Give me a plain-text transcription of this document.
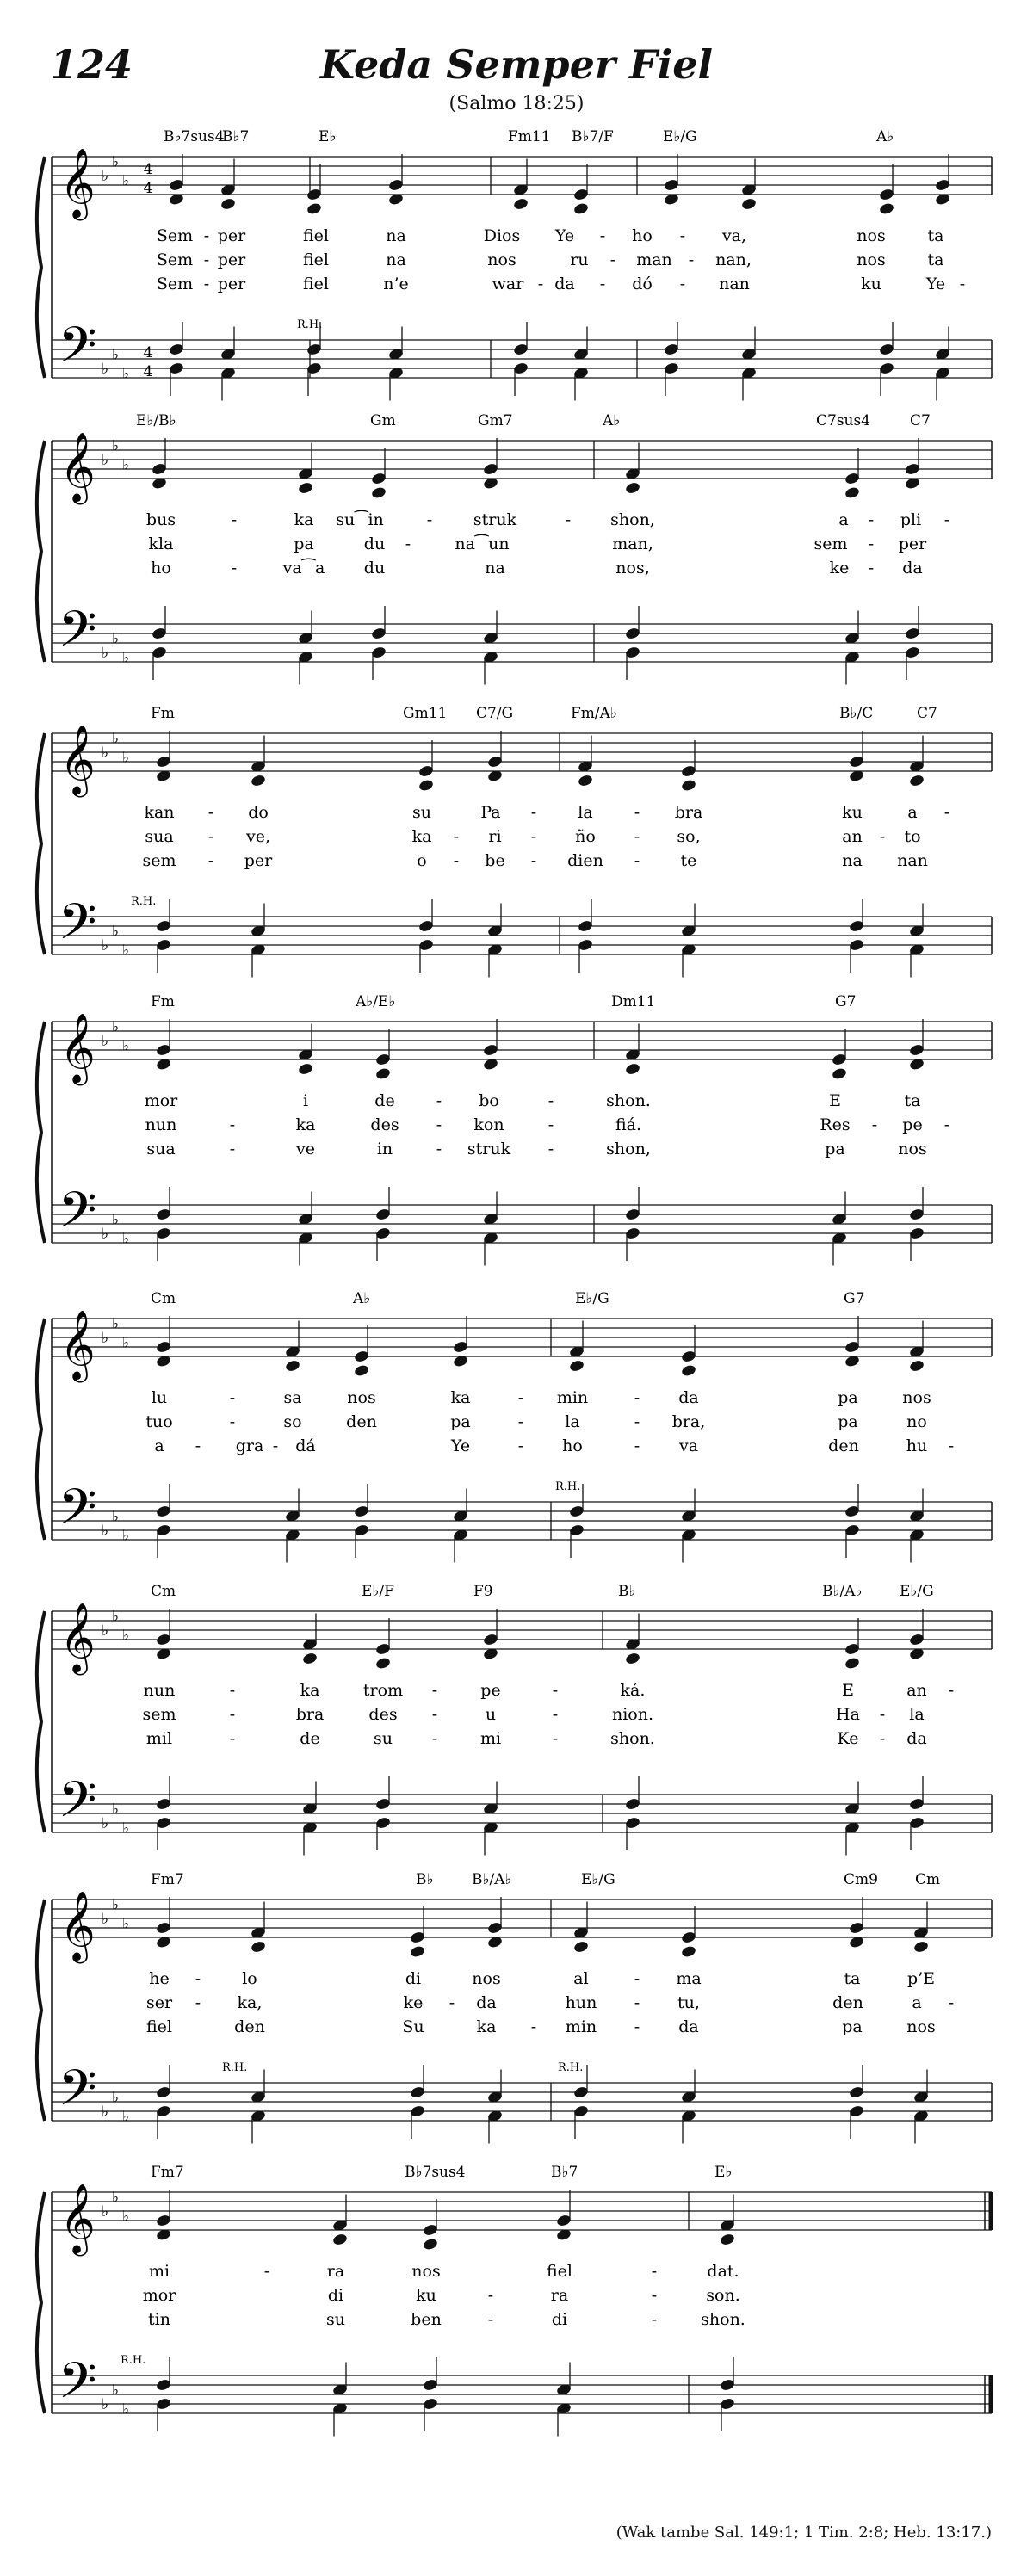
124	Keda Semper Fiel
(Salmo 18:25)
𝄞
𝄢
♭
♭
♭
♭
♭
♭
4
4
4
4
B♭7sus4
B♭7	E♭	Fm11 B♭7/F	E♭/G	A♭
R.H.
Sem - per	fiel	na	Dios Ye - ho - va,	nos	ta
Sem - per	fiel	na	nos	ru - man - nan,	nos	ta
Sem - per	fiel	n’e	war - da - dó - nan	ku	Ye -
𝄞
𝄢
♭
♭
♭
♭
♭
♭
E♭/B♭	Gm	Gm7	A♭	C7sus4	C7
bus	-	ka su⁀in	-	struk	- shon,	a - pli -
kla	pa	du -	na⁀un	man,	sem - per
ho	-	va⁀a du	na	nos,	ke - da
𝄞
𝄢
♭
♭
♭
♭
♭
♭
Fm	Gm11 C7/G	Fm/A♭	B♭/C	C7
R.H.
kan - do	su	Pa -	la	- bra	ku	a -
sua - ve,	ka - ri - ño - so,	an - to
sem - per	o - be - dien - te	na nan
𝄞
𝄢
♭
♭
♭
♭
♭
♭
Fm	A♭/E♭	Dm11	G7
mor	i	de	- bo	-	shon.	E	ta
nun	-	ka	des - kon	-	fiá.	Res - pe -
sua	-	ve	in	- struk -	shon,	pa	nos
𝄞
𝄢
♭
♭
♭
♭
♭
♭
Cm	A♭	E♭/G	G7
R.H.
lu	-	sa	nos	ka	- min	- da	pa	nos
tuo	-	so	den	pa	-	la	- bra,	pa	no
a - gra - dá	Ye	- ho	- va	den	hu -
𝄞
𝄢
♭
♭
♭
♭
♭
♭
Cm	E♭/F	F9	B♭	B♭/A♭	E♭/G
nun	-	ka	trom -	pe	-	ká.	E	an -
sem	-	bra	des -	u	-	nion.	Ha - la
mil	-	de	su -	mi	-	shon.	Ke - da
𝄞
𝄢
♭
♭
♭
♭
♭
♭
Fm7	B♭	B♭/A♭	E♭/G	Cm9	Cm
R.H.	R.H.
he -	lo	di	nos	al	- ma	ta	p’E
ser - ka,	ke - da	hun - tu,	den	a -
fiel	den	Su	ka - min - da	pa	nos
𝄞
𝄢
♭
♭
♭
♭
♭
♭
Fm7	B♭7sus4	B♭7	E♭
R.H.
mi	-	ra	nos	fiel	-	dat.
mor	di	ku	-	ra	-	son.
tin	su	ben	-	di	-	shon.
(Wak tambe Sal. 149:1; 1 Tim. 2:8; Heb. 13:17.)
